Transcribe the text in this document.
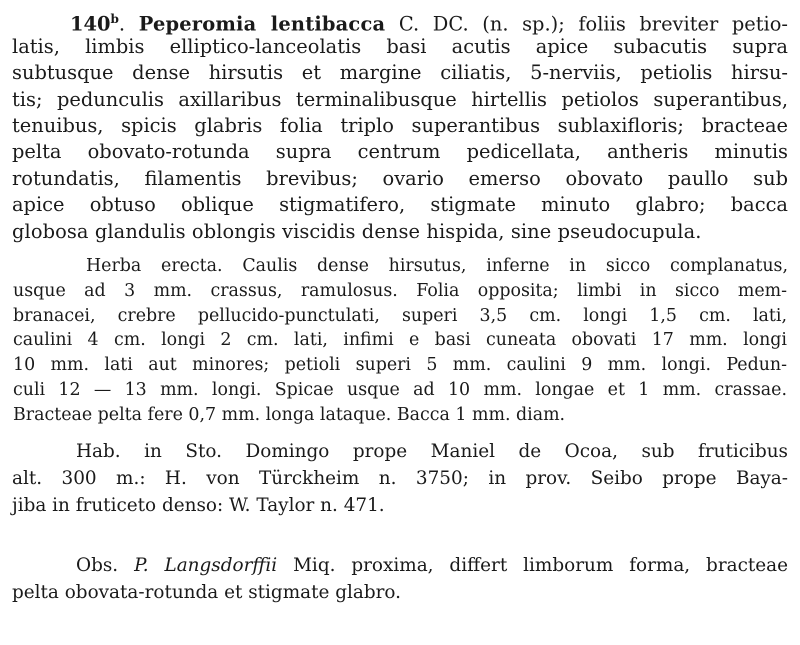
140$^b$. Peperomia lentibacca C. DC. (n. sp.); foliis breviter petio-
latis, limbis elliptico-lanceolatis basi acutis apice subacutis supra
subtusque dense hirsutis et margine ciliatis, 5-nerviis, petiolis hirsu-
tis; pedunculis axillaribus terminalibusque hirtellis petiolos superantibus,
tenuibus, spicis glabris folia triplo superantibus sublaxifloris; bracteae
pelta obovato-rotunda supra centrum pedicellata, antheris minutis
rotundatis, filamentis brevibus; ovario emerso obovato paullo sub
apice obtuso oblique stigmatifero, stigmate minuto glabro; bacca
globosa glandulis oblongis viscidis dense hispida, sine pseudocupula.
Herba erecta. Caulis dense hirsutus, inferne in sicco complanatus,
usque ad 3 mm. crassus, ramulosus. Folia opposita; limbi in sicco mem-
branacei, crebre pellucido-punctulati, superi 3,5 cm. longi 1,5 cm. lati,
caulini 4 cm. longi 2 cm. lati, infimi e basi cuneata obovati 17 mm. longi
10 mm. lati aut minores; petioli superi 5 mm. caulini 9 mm. longi. Pedun-
culi 12 — 13 mm. longi. Spicae usque ad 10 mm. longae et 1 mm. crassae.
Bracteae pelta fere 0,7 mm. longa lataque. Bacca 1 mm. diam.
Hab. in Sto. Domingo prope Maniel de Ocoa, sub fruticibus
alt. 300 m.: H. von Türckheim n. 3750; in prov. Seibo prope Baya-
jiba in fruticeto denso: W. Taylor n. 471.
Obs. P. Langsdorffii Miq. proxima, differt limborum forma, bracteae
pelta obovata-rotunda et stigmate glabro.
